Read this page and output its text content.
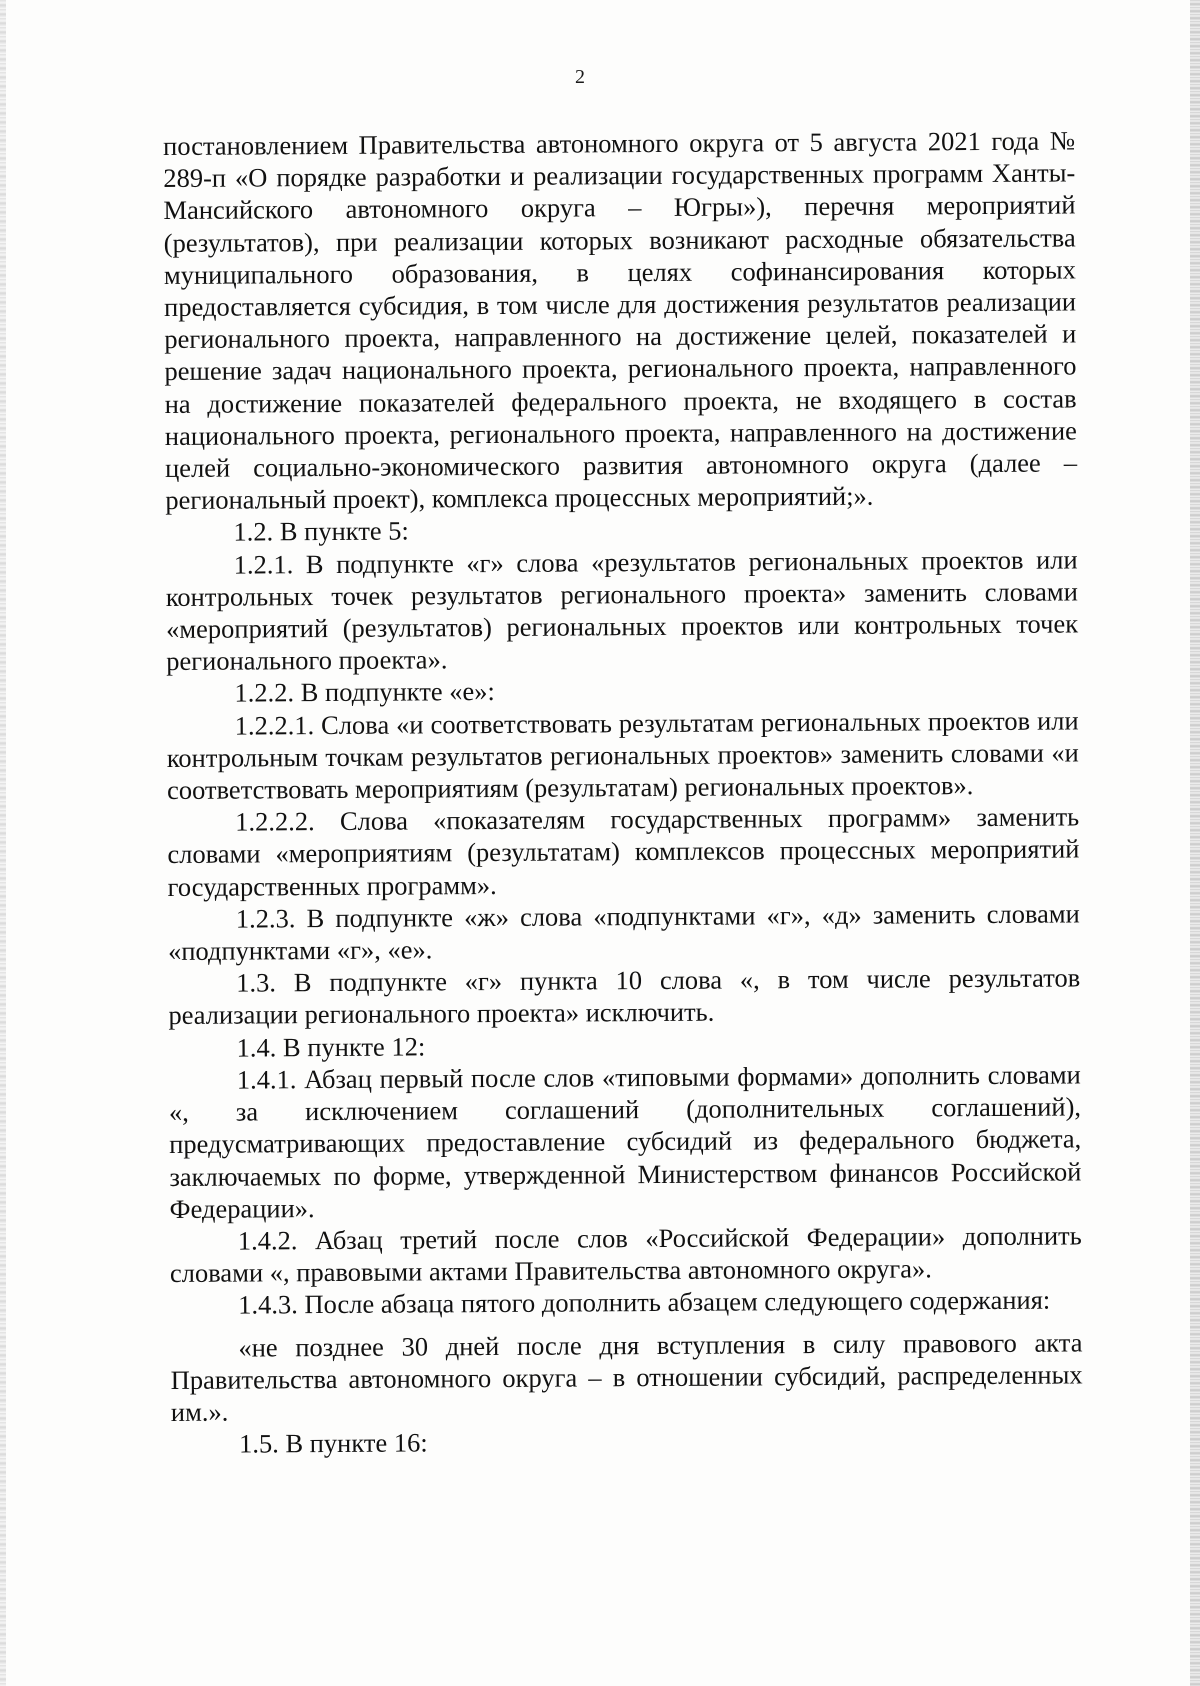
2

постановлением Правительства автономного округа от 5 августа 2021 года № 289-п «О порядке разработки и реализации государственных программ Ханты-Мансийского автономного округа – Югры»), перечня мероприятий (результатов), при реализации которых возникают расходные обязательства муниципального образования, в целях софинансирования которых предоставляется субсидия, в том числе для достижения результатов реализации регионального проекта, направленного на достижение целей, показателей и решение задач национального проекта, регионального проекта, направленного на достижение показателей федерального проекта, не входящего в состав национального проекта, регионального проекта, направленного на достижение целей социально-экономического развития автономного округа (далее – региональный проект), комплекса процессных мероприятий;».

1.2. В пункте 5:

1.2.1. В подпункте «г» слова «результатов региональных проектов или контрольных точек результатов регионального проекта» заменить словами «мероприятий (результатов) региональных проектов или контрольных точек регионального проекта».

1.2.2. В подпункте «е»:

1.2.2.1. Слова «и соответствовать результатам региональных проектов или контрольным точкам результатов региональных проектов» заменить словами «и соответствовать мероприятиям (результатам) региональных проектов».

1.2.2.2. Слова «показателям государственных программ» заменить словами «мероприятиям (результатам) комплексов процессных мероприятий государственных программ».

1.2.3. В подпункте «ж» слова «подпунктами «г», «д» заменить словами «подпунктами «г», «е».

1.3. В подпункте «г» пункта 10 слова «, в том числе результатов реализации регионального проекта» исключить.

1.4. В пункте 12:

1.4.1. Абзац первый после слов «типовыми формами» дополнить словами «, за исключением соглашений (дополнительных соглашений), предусматривающих предоставление субсидий из федерального бюджета, заключаемых по форме, утвержденной Министерством финансов Российской Федерации».

1.4.2. Абзац третий после слов «Российской Федерации» дополнить словами «, правовыми актами Правительства автономного округа».

1.4.3. После абзаца пятого дополнить абзацем следующего содержания:

«не позднее 30 дней после дня вступления в силу правового акта Правительства автономного округа – в отношении субсидий, распределенных им.».

1.5. В пункте 16:
